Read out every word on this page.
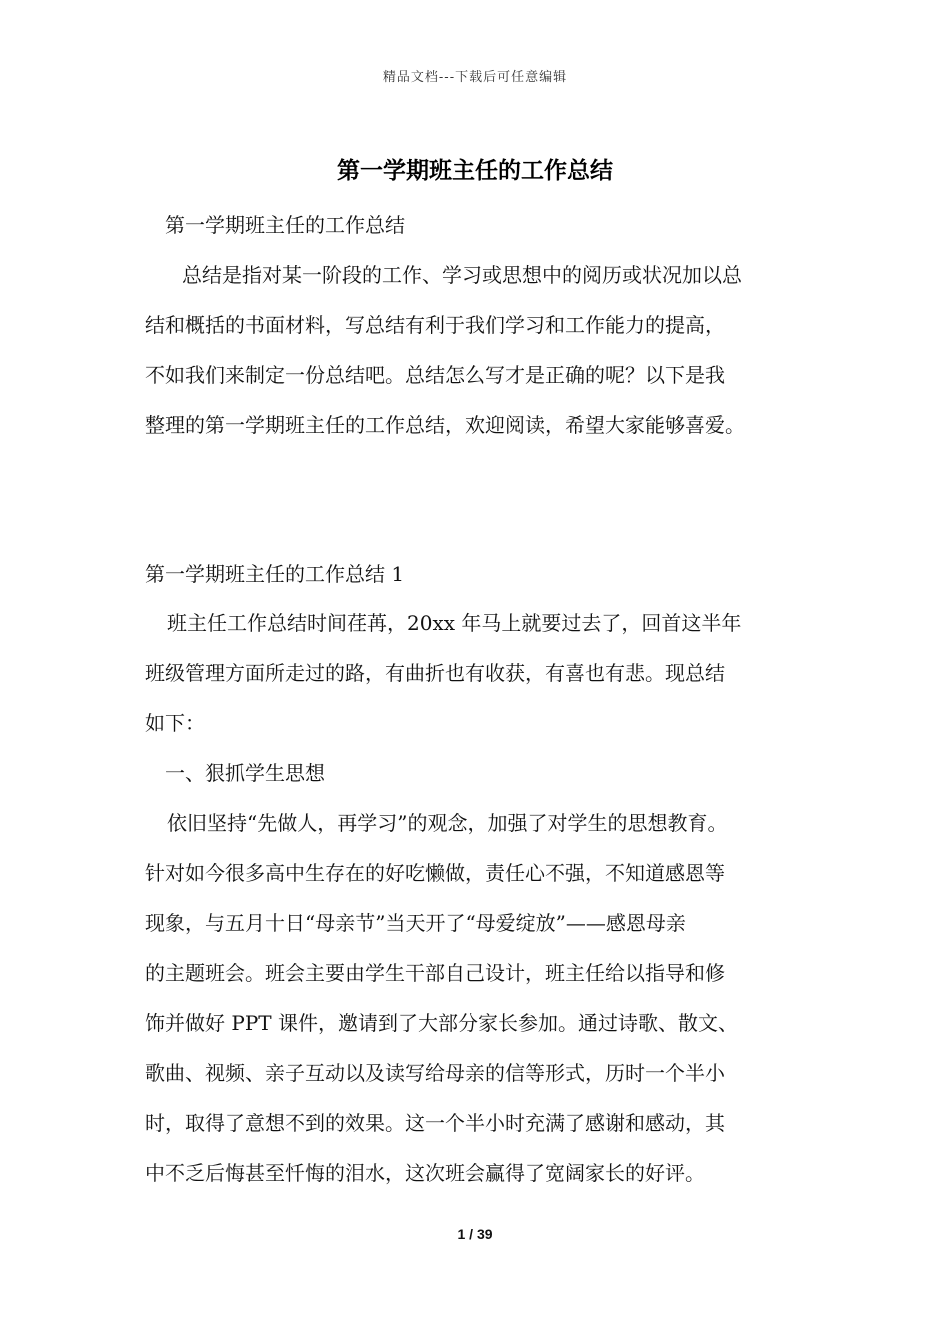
精品文档---下载后可任意编辑
第一学期班主任的工作总结
第一学期班主任的工作总结
总结是指对某一阶段的工作、学习或思想中的阅历或状况加以总
结和概括的书面材料，写总结有利于我们学习和工作能力的提高，
不如我们来制定一份总结吧。总结怎么写才是正确的呢？以下是我
整理的第一学期班主任的工作总结，欢迎阅读，希望大家能够喜爱。
第一学期班主任的工作总结 1
班主任工作总结时间荏苒，20xx 年马上就要过去了，回首这半年
班级管理方面所走过的路，有曲折也有收获，有喜也有悲。现总结
如下：
一、狠抓学生思想
依旧坚持“先做人，再学习”的观念，加强了对学生的思想教育。
针对如今很多高中生存在的好吃懒做，责任心不强，不知道感恩等
现象，与五月十日“母亲节”当天开了“母爱绽放”——感恩母亲
的主题班会。班会主要由学生干部自己设计，班主任给以指导和修
饰并做好 PPT 课件，邀请到了大部分家长参加。通过诗歌、散文、
歌曲、视频、亲子互动以及读写给母亲的信等形式，历时一个半小
时，取得了意想不到的效果。这一个半小时充满了感谢和感动，其
中不乏后悔甚至忏悔的泪水，这次班会赢得了宽阔家长的好评。
1 / 39
